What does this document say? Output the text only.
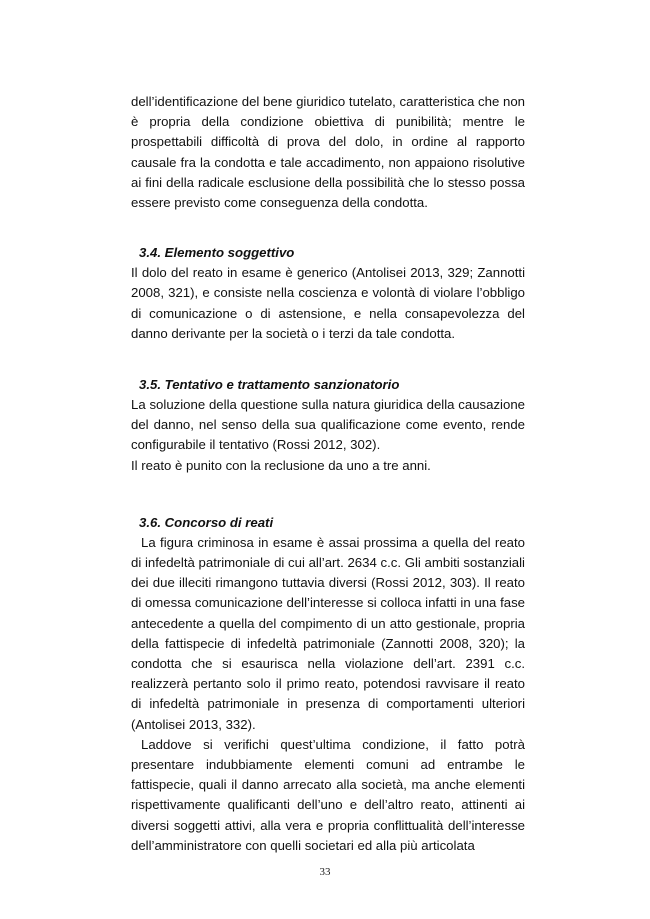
dell’identificazione del bene giuridico tutelato, caratteristica che non è propria della condizione obiettiva di punibilità; mentre le prospettabili difficoltà di prova del dolo, in ordine al rapporto causale fra la condotta e tale accadimento, non appaiono risolutive ai fini della radicale esclusione della possibilità che lo stesso possa essere previsto come conseguenza della condotta.

3.4. Elemento soggettivo

Il dolo del reato in esame è generico (Antolisei 2013, 329; Zannotti 2008, 321), e consiste nella coscienza e volontà di violare l’obbligo di comunicazione o di astensione, e nella consapevolezza del danno derivante per la società o i terzi da tale condotta.

3.5. Tentativo e trattamento sanzionatorio

La soluzione della questione sulla natura giuridica della causazione del danno, nel senso della sua qualificazione come evento, rende configurabile il tentativo (Rossi 2012, 302).

Il reato è punito con la reclusione da uno a tre anni.

3.6. Concorso di reati

La figura criminosa in esame è assai prossima a quella del reato di infedeltà patrimoniale di cui all’art. 2634 c.c. Gli ambiti sostanziali dei due illeciti rimangono tuttavia diversi (Rossi 2012, 303). Il reato di omessa comunicazione dell’interesse si colloca infatti in una fase antecedente a quella del compimento di un atto gestionale, propria della fattispecie di infedeltà patrimoniale (Zannotti 2008, 320); la condotta che si esaurisca nella violazione dell’art. 2391 c.c. realizzerà pertanto solo il primo reato, potendosi ravvisare il reato di infedeltà patrimoniale in presenza di comportamenti ulteriori (Antolisei 2013, 332).

Laddove si verifichi quest’ultima condizione, il fatto potrà presentare indubbiamente elementi comuni ad entrambe le fattispecie, quali il danno arrecato alla società, ma anche elementi rispettivamente qualificanti dell’uno e dell’altro reato, attinenti ai diversi soggetti attivi, alla vera e propria conflittualità dell’interesse dell’amministratore con quelli societari ed alla più articolata

33
